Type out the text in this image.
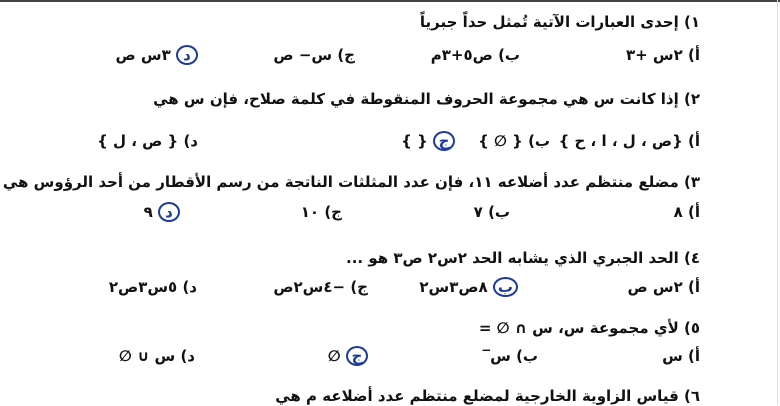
١) إحدى العبارات الآتية تُمثل حداً جبرياً
أ) ٢س +٣
ب) ص٥+٣م
ج) س− ص
د ٣س ص
٢) إذا كانت س هي مجموعة الحروف المنقوطة في كلمة صلاح، فإن س هي
أ) {ص ، ل ، ا ، ح }
ب) { ∅ }
ج { }
د) { ص ، ل }
٣) مضلع منتظم عدد أضلاعه ١١، فإن عدد المثلثات الناتجة من رسم الأقطار من أحد الرؤوس هي
أ) ٨
ب) ٧
ج) ١٠
د ٩
٤) الحد الجبري الذي يشابه الحد ٢س٢ ص٣ هو ...
أ) ٢س ص
ب ٨ص٣س٢
ج) −٤س٢ص
د) ٥س٣ص٢
٥) لأي مجموعة س، س ∩ ∅ =
أ) س
ب) س̅
ج ∅
د) س ∪ ∅
٦) قياس الزاوية الخارجية لمضلع منتظم عدد أضلاعه م هي
